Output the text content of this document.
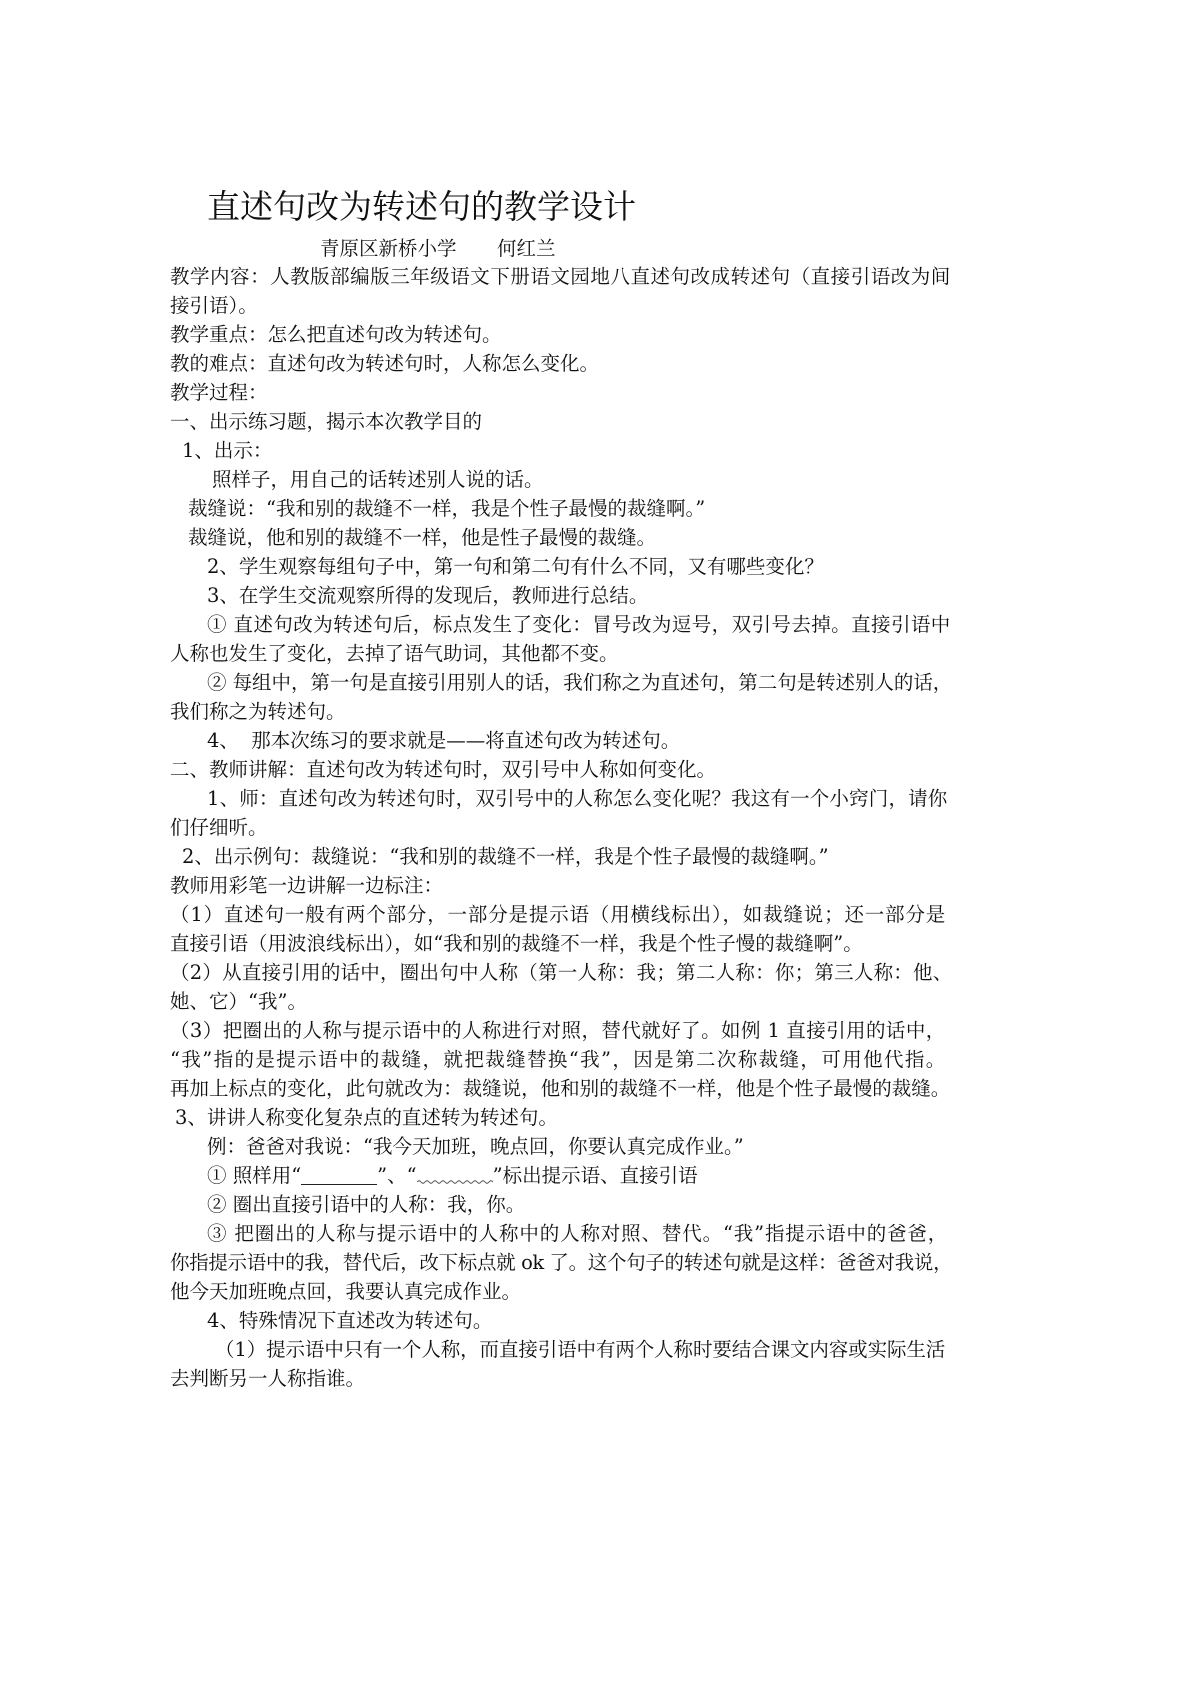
直述句改为转述句的教学设计
青原区新桥小学 何红兰
教学内容：人教版部编版三年级语文下册语文园地八直述句改成转述句（直接引语改为间
接引语）。
教学重点：怎么把直述句改为转述句。
教的难点：直述句改为转述句时，人称怎么变化。
教学过程：
一、出示练习题，揭示本次教学目的
1、出示：
照样子，用自己的话转述别人说的话。
裁缝说：“我和别的裁缝不一样，我是个性子最慢的裁缝啊。”
裁缝说，他和别的裁缝不一样，他是性子最慢的裁缝。
2、学生观察每组句子中，第一句和第二句有什么不同，又有哪些变化？
3、在学生交流观察所得的发现后，教师进行总结。
① 直述句改为转述句后，标点发生了变化：冒号改为逗号，双引号去掉。直接引语中
人称也发生了变化，去掉了语气助词，其他都不变。
② 每组中，第一句是直接引用别人的话，我们称之为直述句，第二句是转述别人的话，
我们称之为转述句。
4、  那本次练习的要求就是——将直述句改为转述句。
二、教师讲解：直述句改为转述句时，双引号中人称如何变化。
1、师：直述句改为转述句时，双引号中的人称怎么变化呢？我这有一个小窍门，请你
们仔细听。
2、出示例句：裁缝说：“我和别的裁缝不一样，我是个性子最慢的裁缝啊。”
教师用彩笔一边讲解一边标注：
（1）直述句一般有两个部分，一部分是提示语（用横线标出），如裁缝说；还一部分是
直接引语（用波浪线标出），如“我和别的裁缝不一样，我是个性子慢的裁缝啊”。
（2）从直接引用的话中，圈出句中人称（第一人称：我；第二人称：你；第三人称：他、
她、它）“我”。
（3）把圈出的人称与提示语中的人称进行对照，替代就好了。如例 1 直接引用的话中，
“我”指的是提示语中的裁缝，就把裁缝替换“我”，因是第二次称裁缝，可用他代指。
再加上标点的变化，此句就改为：裁缝说，他和别的裁缝不一样，他是个性子最慢的裁缝。
3、讲讲人称变化复杂点的直述转为转述句。
例：爸爸对我说：“我今天加班，晚点回，你要认真完成作业。”
① 照样用“	”、“	”标出提示语、直接引语
② 圈出直接引语中的人称：我，你。
③ 把圈出的人称与提示语中的人称中的人称对照、替代。“我”指提示语中的爸爸，
你指提示语中的我，替代后，改下标点就 ok 了。这个句子的转述句就是这样：爸爸对我说，
他今天加班晚点回，我要认真完成作业。
4、特殊情况下直述改为转述句。
（1）提示语中只有一个人称，而直接引语中有两个人称时要结合课文内容或实际生活
去判断另一人称指谁。
